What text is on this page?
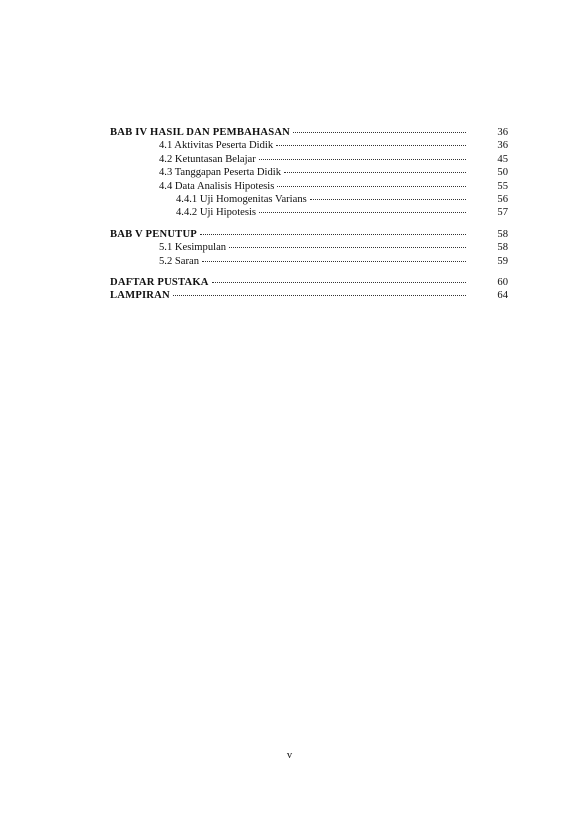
BAB IV HASIL DAN PEMBAHASAN	36
4.1 Aktivitas Peserta Didik	36
4.2 Ketuntasan Belajar	45
4.3 Tanggapan Peserta Didik	50
4.4 Data Analisis Hipotesis	55
4.4.1 Uji Homogenitas Varians	56
4.4.2 Uji Hipotesis	57
BAB V PENUTUP	58
5.1 Kesimpulan	58
5.2 Saran	59
DAFTAR PUSTAKA	60
LAMPIRAN	64
v
